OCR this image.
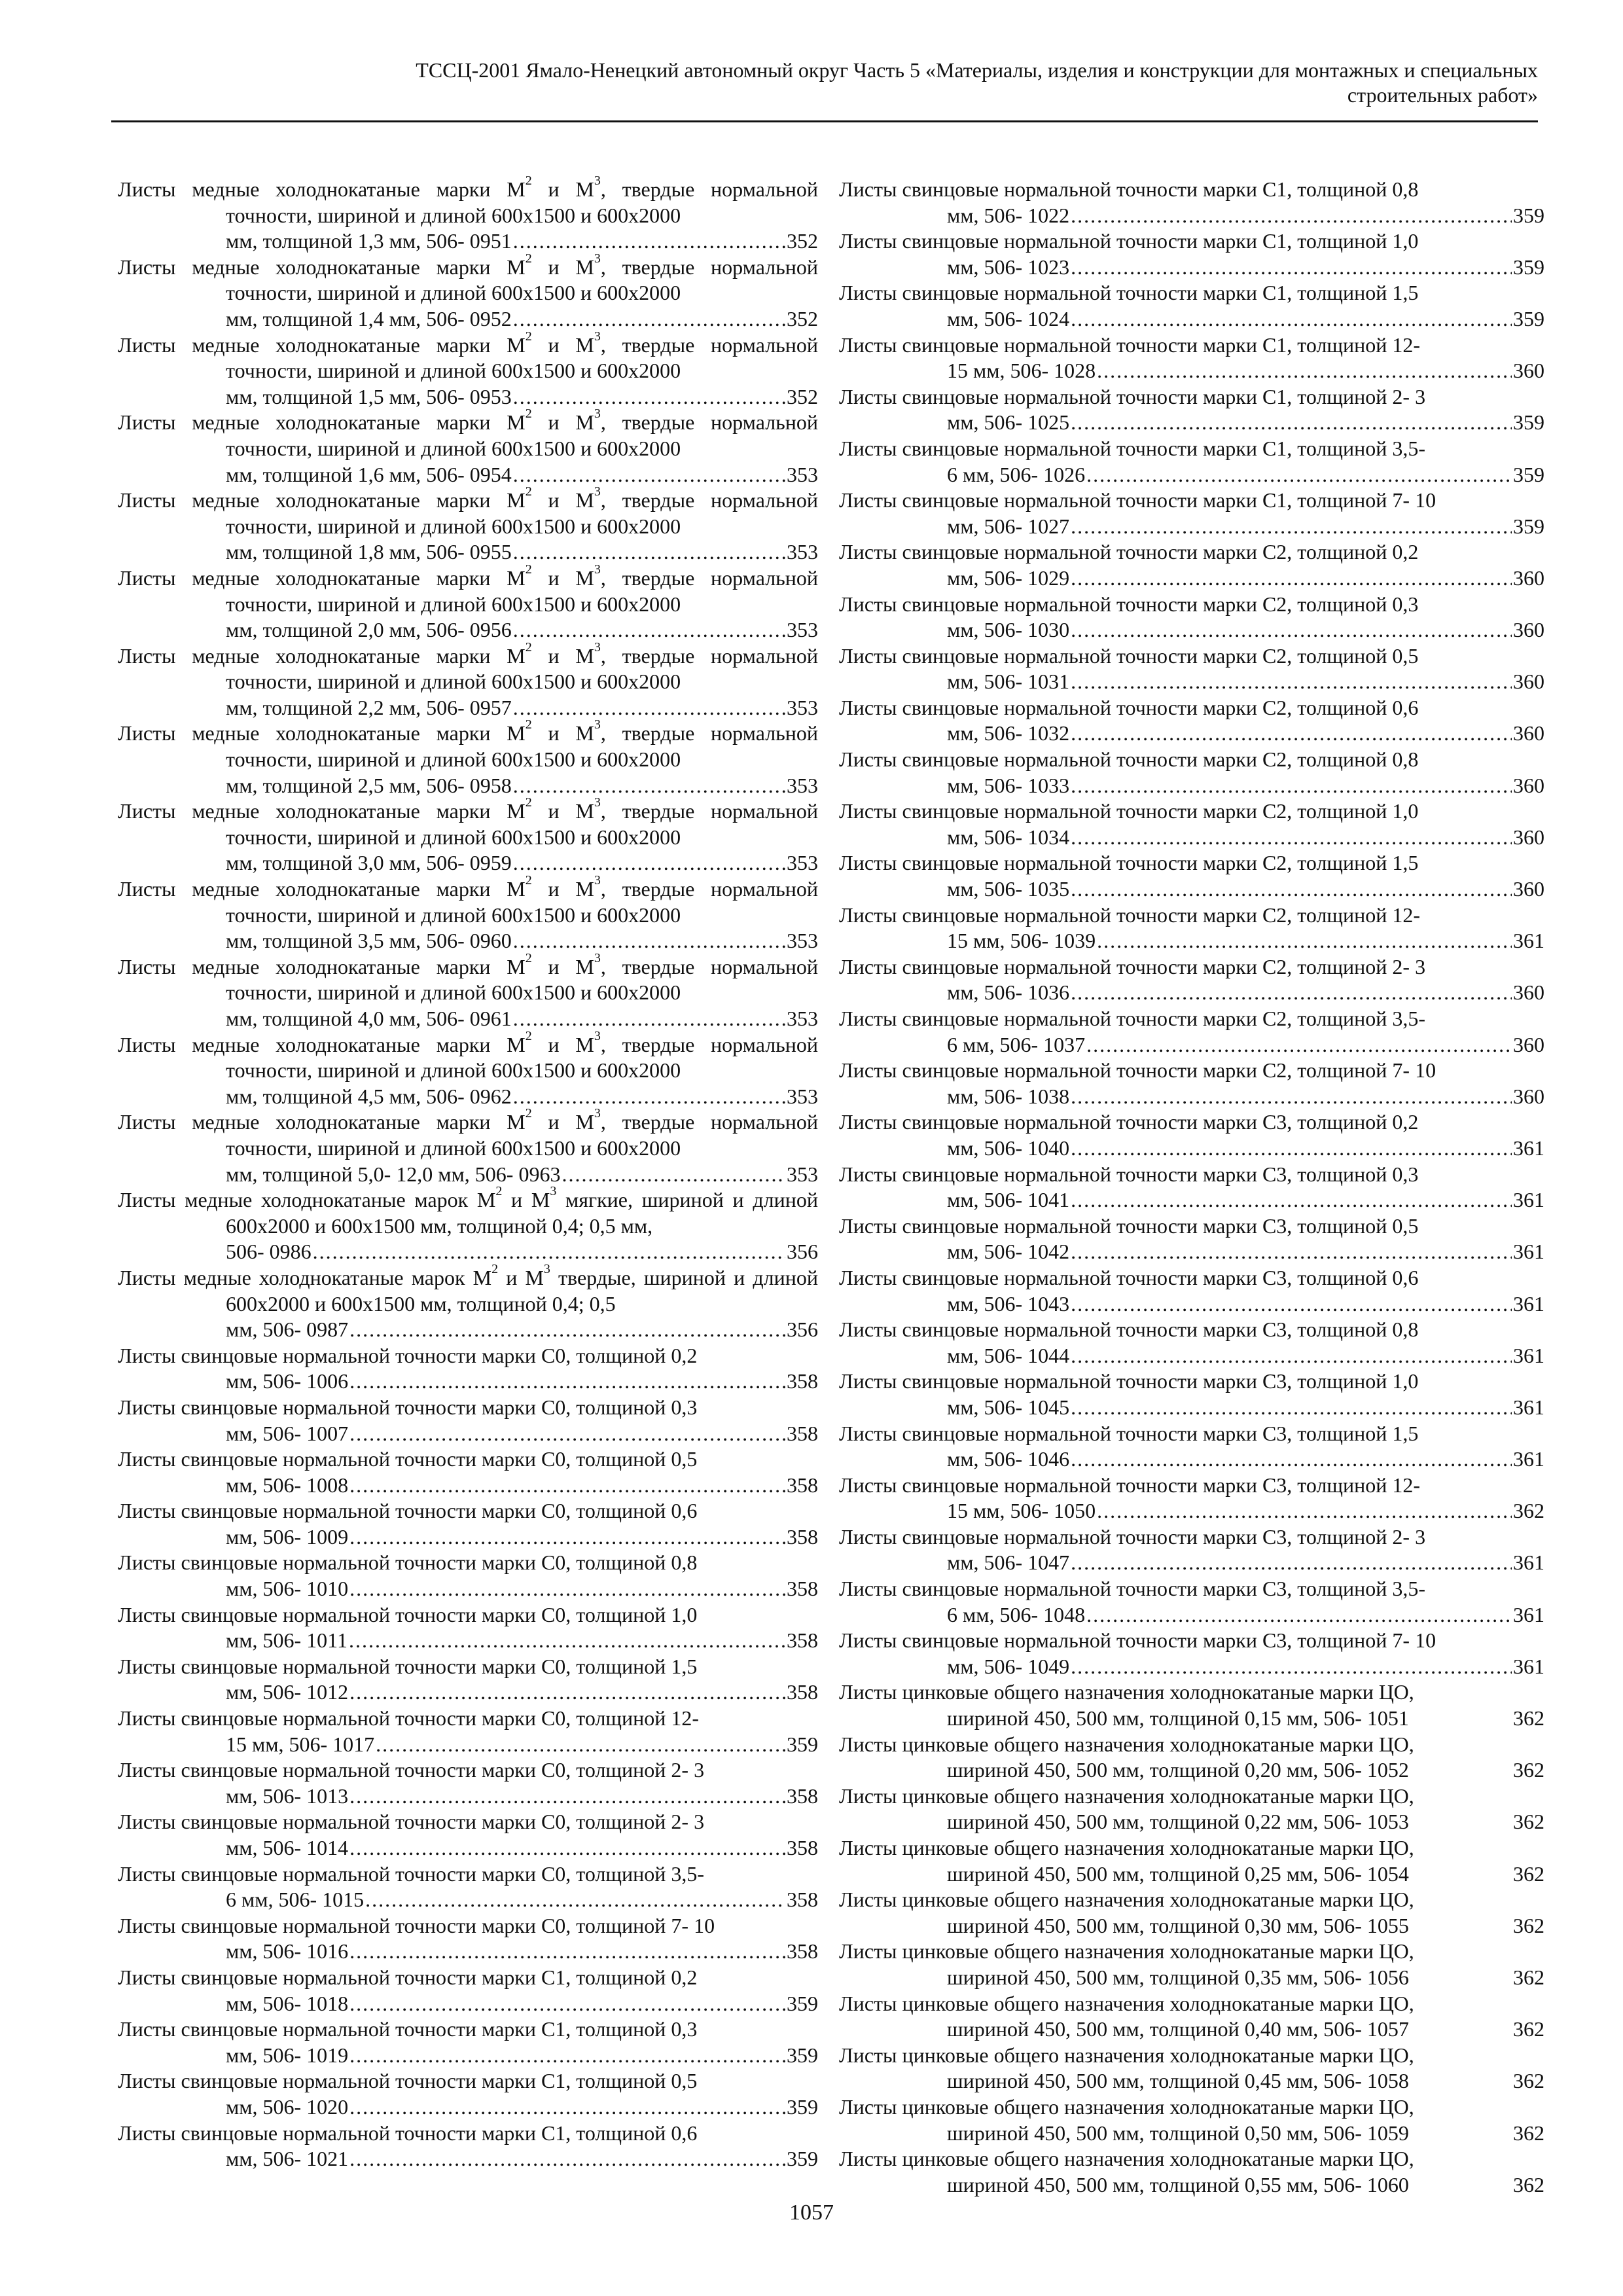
ТССЦ-2001 Ямало-Ненецкий автономный округ Часть 5 «Материалы, изделия и конструкции для монтажных и специальных
строительных работ»
Листы медные холоднокатаные марки $М^2$ и $М^3$, твердые нормальной точности, шириной и длиной 600х1500 и 600х2000
мм, толщиной 1,3 мм, 506- 0951 . . .	352
Листы медные холоднокатаные марки $М^2$ и $М^3$, твердые нормальной точности, шириной и длиной 600х1500 и 600х2000
мм, толщиной 1,4 мм, 506- 0952 . . .	352
Листы медные холоднокатаные марки $М^2$ и $М^3$, твердые нормальной точности, шириной и длиной 600х1500 и 600х2000
мм, толщиной 1,5 мм, 506- 0953 . . .	352
Листы медные холоднокатаные марки $М^2$ и $М^3$, твердые нормальной точности, шириной и длиной 600х1500 и 600х2000
мм, толщиной 1,6 мм, 506- 0954 . . .	353
Листы медные холоднокатаные марки $М^2$ и $М^3$, твердые нормальной точности, шириной и длиной 600х1500 и 600х2000
мм, толщиной 1,8 мм, 506- 0955 . . .	353
Листы медные холоднокатаные марки $М^2$ и $М^3$, твердые нормальной точности, шириной и длиной 600х1500 и 600х2000
мм, толщиной 2,0 мм, 506- 0956 . . .	353
Листы медные холоднокатаные марки $М^2$ и $М^3$, твердые нормальной точности, шириной и длиной 600х1500 и 600х2000
мм, толщиной 2,2 мм, 506- 0957 . . .	353
Листы медные холоднокатаные марки $М^2$ и $М^3$, твердые нормальной точности, шириной и длиной 600х1500 и 600х2000
мм, толщиной 2,5 мм, 506- 0958 . . .	353
Листы медные холоднокатаные марки $М^2$ и $М^3$, твердые нормальной точности, шириной и длиной 600х1500 и 600х2000
мм, толщиной 3,0 мм, 506- 0959 . . .	353
Листы медные холоднокатаные марки $М^2$ и $М^3$, твердые нормальной точности, шириной и длиной 600х1500 и 600х2000
мм, толщиной 3,5 мм, 506- 0960 . . .	353
Листы медные холоднокатаные марки $М^2$ и $М^3$, твердые нормальной точности, шириной и длиной 600х1500 и 600х2000
мм, толщиной 4,0 мм, 506- 0961 . . .	353
Листы медные холоднокатаные марки $М^2$ и $М^3$, твердые нормальной точности, шириной и длиной 600х1500 и 600х2000
мм, толщиной 4,5 мм, 506- 0962 . . .	353
Листы медные холоднокатаные марки $М^2$ и $М^3$, твердые нормальной точности, шириной и длиной 600х1500 и 600х2000
мм, толщиной 5,0- 12,0 мм, 506- 0963 . . .	353
Листы медные холоднокатаные марок $М^2$ и $М^3$ мягкие, шириной и длиной 600х2000 и 600х1500 мм, толщиной 0,4; 0,5 мм,
506- 0986 . . .	356
Листы медные холоднокатаные марок $М^2$ и $М^3$ твердые, шириной и длиной 600х2000 и 600х1500 мм, толщиной 0,4; 0,5
мм, 506- 0987 . . .	356
Листы свинцовые нормальной точности марки С0, толщиной 0,2
мм, 506- 1006 . . .	358
Листы свинцовые нормальной точности марки С0, толщиной 0,3
мм, 506- 1007 . . .	358
Листы свинцовые нормальной точности марки С0, толщиной 0,5
мм, 506- 1008 . . .	358
Листы свинцовые нормальной точности марки С0, толщиной 0,6
мм, 506- 1009 . . .	358
Листы свинцовые нормальной точности марки С0, толщиной 0,8
мм, 506- 1010 . . .	358
Листы свинцовые нормальной точности марки С0, толщиной 1,0
мм, 506- 1011 . . .	358
Листы свинцовые нормальной точности марки С0, толщиной 1,5
мм, 506- 1012 . . .	358
Листы свинцовые нормальной точности марки С0, толщиной 12-
15 мм, 506- 1017 . . .	359
Листы свинцовые нормальной точности марки С0, толщиной 2- 3
мм, 506- 1013 . . .	358
Листы свинцовые нормальной точности марки С0, толщиной 2- 3
мм, 506- 1014 . . .	358
Листы свинцовые нормальной точности марки С0, толщиной 3,5-
6 мм, 506- 1015 . . .	358
Листы свинцовые нормальной точности марки С0, толщиной 7- 10
мм, 506- 1016 . . .	358
Листы свинцовые нормальной точности марки С1, толщиной 0,2
мм, 506- 1018 . . .	359
Листы свинцовые нормальной точности марки С1, толщиной 0,3
мм, 506- 1019 . . .	359
Листы свинцовые нормальной точности марки С1, толщиной 0,5
мм, 506- 1020 . . .	359
Листы свинцовые нормальной точности марки С1, толщиной 0,6
мм, 506- 1021 . . .	359
Листы свинцовые нормальной точности марки С1, толщиной 0,8
мм, 506- 1022 . . .	359
Листы свинцовые нормальной точности марки С1, толщиной 1,0
мм, 506- 1023 . . .	359
Листы свинцовые нормальной точности марки С1, толщиной 1,5
мм, 506- 1024 . . .	359
Листы свинцовые нормальной точности марки С1, толщиной 12-
15 мм, 506- 1028 . . .	360
Листы свинцовые нормальной точности марки С1, толщиной 2- 3
мм, 506- 1025 . . .	359
Листы свинцовые нормальной точности марки С1, толщиной 3,5-
6 мм, 506- 1026 . . .	359
Листы свинцовые нормальной точности марки С1, толщиной 7- 10
мм, 506- 1027 . . .	359
Листы свинцовые нормальной точности марки С2, толщиной 0,2
мм, 506- 1029 . . .	360
Листы свинцовые нормальной точности марки С2, толщиной 0,3
мм, 506- 1030 . . .	360
Листы свинцовые нормальной точности марки С2, толщиной 0,5
мм, 506- 1031 . . .	360
Листы свинцовые нормальной точности марки С2, толщиной 0,6
мм, 506- 1032 . . .	360
Листы свинцовые нормальной точности марки С2, толщиной 0,8
мм, 506- 1033 . . .	360
Листы свинцовые нормальной точности марки С2, толщиной 1,0
мм, 506- 1034 . . .	360
Листы свинцовые нормальной точности марки С2, толщиной 1,5
мм, 506- 1035 . . .	360
Листы свинцовые нормальной точности марки С2, толщиной 12-
15 мм, 506- 1039 . . .	361
Листы свинцовые нормальной точности марки С2, толщиной 2- 3
мм, 506- 1036 . . .	360
Листы свинцовые нормальной точности марки С2, толщиной 3,5-
6 мм, 506- 1037 . . .	360
Листы свинцовые нормальной точности марки С2, толщиной 7- 10
мм, 506- 1038 . . .	360
Листы свинцовые нормальной точности марки С3, толщиной 0,2
мм, 506- 1040 . . .	361
Листы свинцовые нормальной точности марки С3, толщиной 0,3
мм, 506- 1041 . . .	361
Листы свинцовые нормальной точности марки С3, толщиной 0,5
мм, 506- 1042 . . .	361
Листы свинцовые нормальной точности марки С3, толщиной 0,6
мм, 506- 1043 . . .	361
Листы свинцовые нормальной точности марки С3, толщиной 0,8
мм, 506- 1044 . . .	361
Листы свинцовые нормальной точности марки С3, толщиной 1,0
мм, 506- 1045 . . .	361
Листы свинцовые нормальной точности марки С3, толщиной 1,5
мм, 506- 1046 . . .	361
Листы свинцовые нормальной точности марки С3, толщиной 12-
15 мм, 506- 1050 . . .	362
Листы свинцовые нормальной точности марки С3, толщиной 2- 3
мм, 506- 1047 . . .	361
Листы свинцовые нормальной точности марки С3, толщиной 3,5-
6 мм, 506- 1048 . . .	361
Листы свинцовые нормальной точности марки С3, толщиной 7- 10
мм, 506- 1049 . . .	361
Листы цинковые общего назначения холоднокатаные марки ЦО,
шириной 450, 500 мм, толщиной 0,15 мм, 506- 1051	362
Листы цинковые общего назначения холоднокатаные марки ЦО,
шириной 450, 500 мм, толщиной 0,20 мм, 506- 1052	362
Листы цинковые общего назначения холоднокатаные марки ЦО,
шириной 450, 500 мм, толщиной 0,22 мм, 506- 1053	362
Листы цинковые общего назначения холоднокатаные марки ЦО,
шириной 450, 500 мм, толщиной 0,25 мм, 506- 1054	362
Листы цинковые общего назначения холоднокатаные марки ЦО,
шириной 450, 500 мм, толщиной 0,30 мм, 506- 1055	362
Листы цинковые общего назначения холоднокатаные марки ЦО,
шириной 450, 500 мм, толщиной 0,35 мм, 506- 1056	362
Листы цинковые общего назначения холоднокатаные марки ЦО,
шириной 450, 500 мм, толщиной 0,40 мм, 506- 1057	362
Листы цинковые общего назначения холоднокатаные марки ЦО,
шириной 450, 500 мм, толщиной 0,45 мм, 506- 1058	362
Листы цинковые общего назначения холоднокатаные марки ЦО,
шириной 450, 500 мм, толщиной 0,50 мм, 506- 1059	362
Листы цинковые общего назначения холоднокатаные марки ЦО,
шириной 450, 500 мм, толщиной 0,55 мм, 506- 1060	362
1057
